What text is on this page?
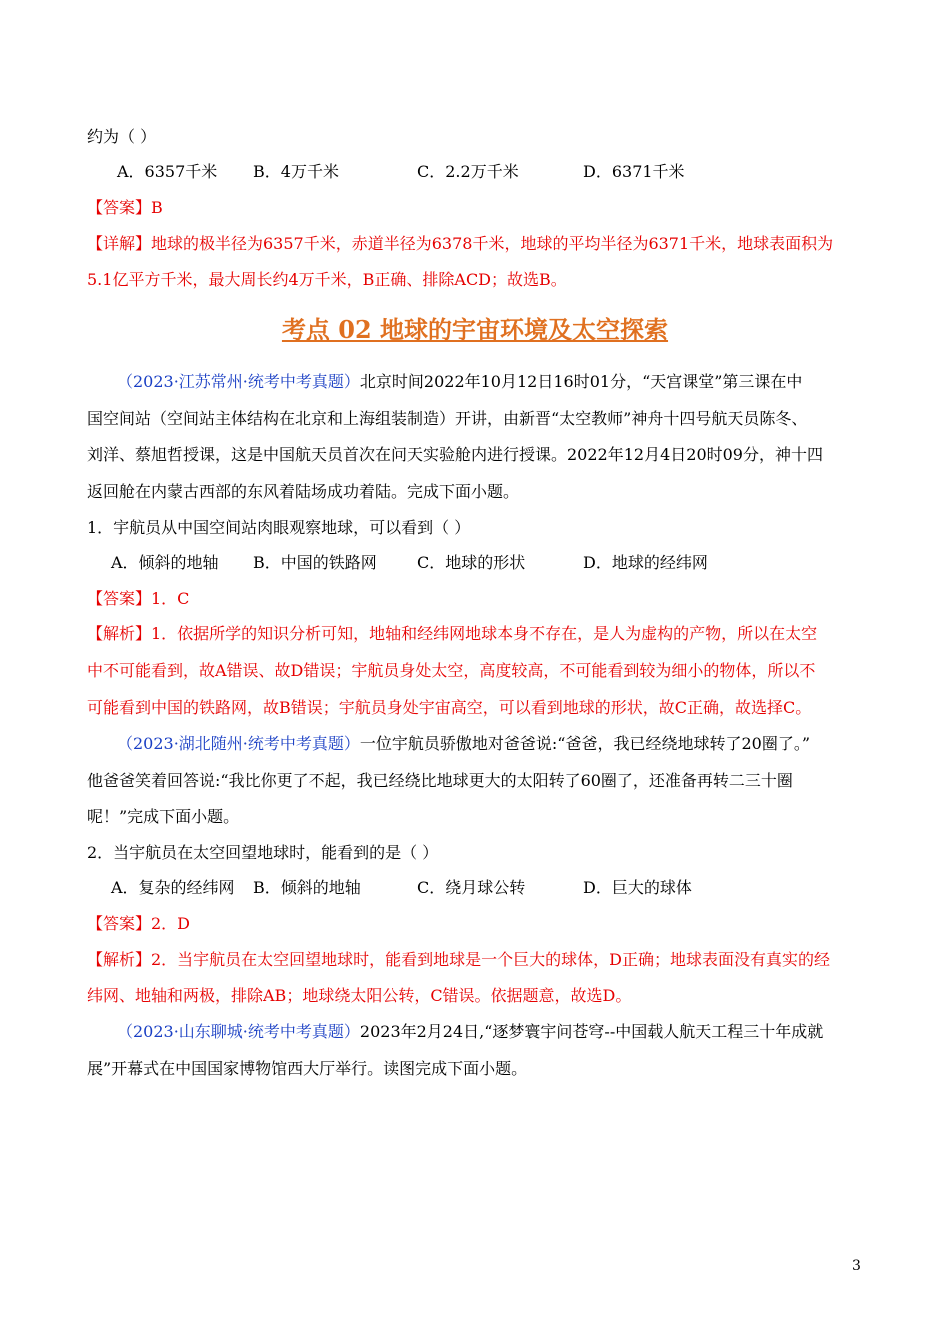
约为（ ）
A．6357千米 B．4万千米	C．2.2万千米	D．6371千米
【答案】B
【详解】地球的极半径为6357千米，赤道半径为6378千米，地球的平均半径为6371千米，地球表面积为
5.1亿平方千米，最大周长约4万千米，B正确、排除ACD；故选B。
考点 02 地球的宇宙环境及太空探索
（2023·江苏常州·统考中考真题）北京时间2022年10月12日16时01分，“天宫课堂”第三课在中
国空间站（空间站主体结构在北京和上海组装制造）开讲，由新晋“太空教师”神舟十四号航天员陈冬、
刘洋、蔡旭哲授课，这是中国航天员首次在问天实验舱内进行授课。2022年12月4日20时09分，神十四
返回舱在内蒙古西部的东风着陆场成功着陆。完成下面小题。
1．宇航员从中国空间站肉眼观察地球，可以看到（ ）
A．倾斜的地轴 B．中国的铁路网	C．地球的形状	D．地球的经纬网
【答案】1．C
【解析】1．依据所学的知识分析可知，地轴和经纬网地球本身不存在，是人为虚构的产物，所以在太空
中不可能看到，故A错误、故D错误；宇航员身处太空，高度较高，不可能看到较为细小的物体，所以不
可能看到中国的铁路网，故B错误；宇航员身处宇宙高空，可以看到地球的形状，故C正确，故选择C。
（2023·湖北随州·统考中考真题）一位宇航员骄傲地对爸爸说:“爸爸，我已经绕地球转了20圈了。”
他爸爸笑着回答说:“我比你更了不起，我已经绕比地球更大的太阳转了60圈了，还准备再转二三十圈
呢！”完成下面小题。
2．当宇航员在太空回望地球时，能看到的是（ ）
A．复杂的经纬网 B．倾斜的地轴	C．绕月球公转	D．巨大的球体
【答案】2．D
【解析】2．当宇航员在太空回望地球时，能看到地球是一个巨大的球体，D正确；地球表面没有真实的经
纬网、地轴和两极，排除AB；地球绕太阳公转，C错误。依据题意，故选D。
（2023·山东聊城·统考中考真题）2023年2月24日,“逐梦寰宇问苍穹--中国载人航天工程三十年成就
展”开幕式在中国国家博物馆西大厅举行。读图完成下面小题。
3
